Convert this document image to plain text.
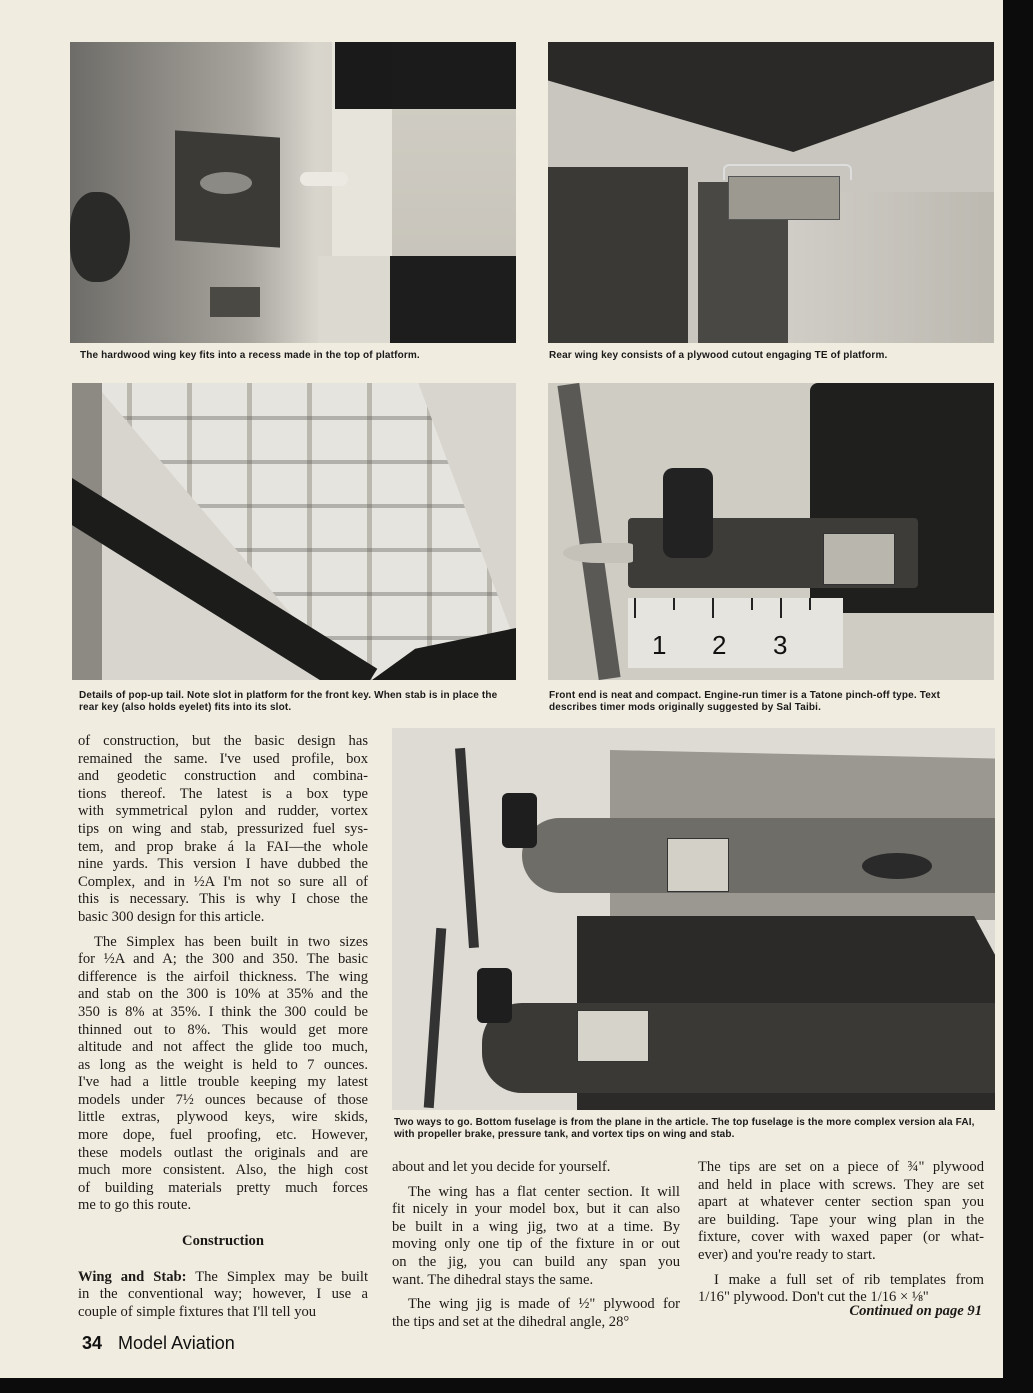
The hardwood wing key fits into a recess made in the top of platform.	Rear wing key consists of a plywood cutout engaging TE of platform.
Details of pop-up tail. Note slot in platform for the front key. When stab is in place the rear key (also holds eyelet) fits into its slot.
1 2 3
Front end is neat and compact. Engine-run timer is a Tatone pinch-off type. Text describes timer mods originally suggested by Sal Taibi.
Two ways to go. Bottom fuselage is from the plane in the article. The top fuselage is the more complex version ala FAI, with propeller brake, pressure tank, and vortex tips on wing and stab.
of construction, but the basic design has
remained the same. I've used profile, box
and geodetic construction and combina-
tions thereof. The latest is a box type
with symmetrical pylon and rudder, vortex
tips on wing and stab, pressurized fuel sys-
tem, and prop brake á la FAI—the whole
nine yards. This version I have dubbed the
Complex, and in ½A I'm not so sure all of
this is necessary. This is why I chose the
basic 300 design for this article.
The Simplex has been built in two sizes
for ½A and A; the 300 and 350. The basic
difference is the airfoil thickness. The wing
and stab on the 300 is 10% at 35% and the
350 is 8% at 35%. I think the 300 could be
thinned out to 8%. This would get more
altitude and not affect the glide too much,
as long as the weight is held to 7 ounces.
I've had a little trouble keeping my latest
models under 7½ ounces because of those
little extras, plywood keys, wire skids,
more dope, fuel proofing, etc. However,
these models outlast the originals and are
much more consistent. Also, the high cost
of building materials pretty much forces
me to go this route.
Construction
Wing and Stab: The Simplex may be built
in the conventional way; however, I use a
couple of simple fixtures that I'll tell you
about and let you decide for yourself.
The wing has a flat center section. It will
fit nicely in your model box, but it can also
be built in a wing jig, two at a time. By
moving only one tip of the fixture in or out
on the jig, you can build any span you
want. The dihedral stays the same.
The wing jig is made of ½" plywood for
the tips and set at the dihedral angle, 28°
The tips are set on a piece of ¾" plywood
and held in place with screws. They are set
apart at whatever center section span you
are building. Tape your wing plan in the
fixture, cover with waxed paper (or what-
ever) and you're ready to start.
I make a full set of rib templates from
1/16" plywood. Don't cut the 1/16 × ⅛"
Continued on page 91
34 Model Aviation
